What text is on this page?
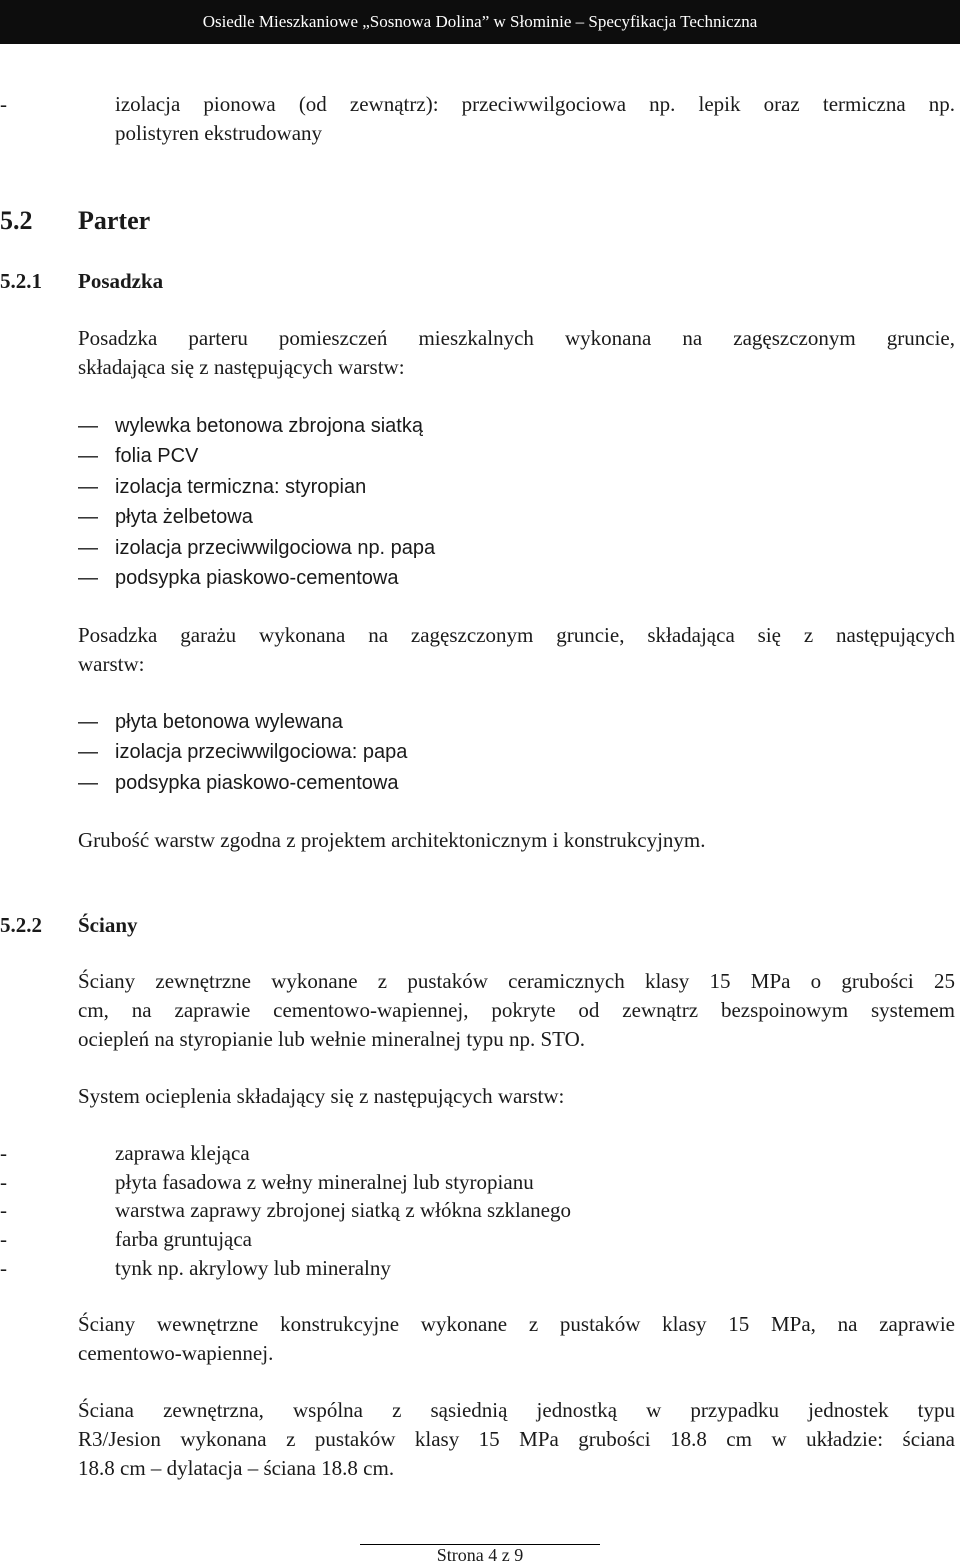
Osiedle Mieszkaniowe „Sosnowa Dolina” w Słominie – Specyfikacja Techniczna
-	izolacja pionowa (od zewnątrz): przeciwwilgociowa np. lepik oraz termiczna np.
polistyren ekstrudowany
5.2 Parter
5.2.1 Posadzka
Posadzka parteru pomieszczeń mieszkalnych wykonana na zagęszczonym gruncie,
składająca się z następujących warstw:
— wylewka betonowa zbrojona siatką
— folia PCV
— izolacja termiczna: styropian
— płyta żelbetowa
— izolacja przeciwwilgociowa np. papa
— podsypka piaskowo-cementowa
Posadzka garażu wykonana na zagęszczonym gruncie, składająca się z następujących
warstw:
— płyta betonowa wylewana
— izolacja przeciwwilgociowa: papa
— podsypka piaskowo-cementowa
Grubość warstw zgodna z projektem architektonicznym i konstrukcyjnym.
5.2.2 Ściany
Ściany zewnętrzne wykonane z pustaków ceramicznych klasy 15 MPa o grubości 25
cm, na zaprawie cementowo-wapiennej, pokryte od zewnątrz bezspoinowym systemem
ociepleń na styropianie lub wełnie mineralnej typu np. STO.
System ocieplenia składający się z następujących warstw:
-	zaprawa klejąca
-	płyta fasadowa z wełny mineralnej lub styropianu
-	warstwa zaprawy zbrojonej siatką z włókna szklanego
-	farba gruntująca
-	tynk np. akrylowy lub mineralny
Ściany wewnętrzne konstrukcyjne wykonane z pustaków klasy 15 MPa, na zaprawie
cementowo-wapiennej.
Ściana zewnętrzna, wspólna z sąsiednią jednostką w przypadku jednostek typu
R3/Jesion wykonana z pustaków klasy 15 MPa grubości 18.8 cm w układzie: ściana
18.8 cm – dylatacja – ściana 18.8 cm.
Strona 4 z 9
